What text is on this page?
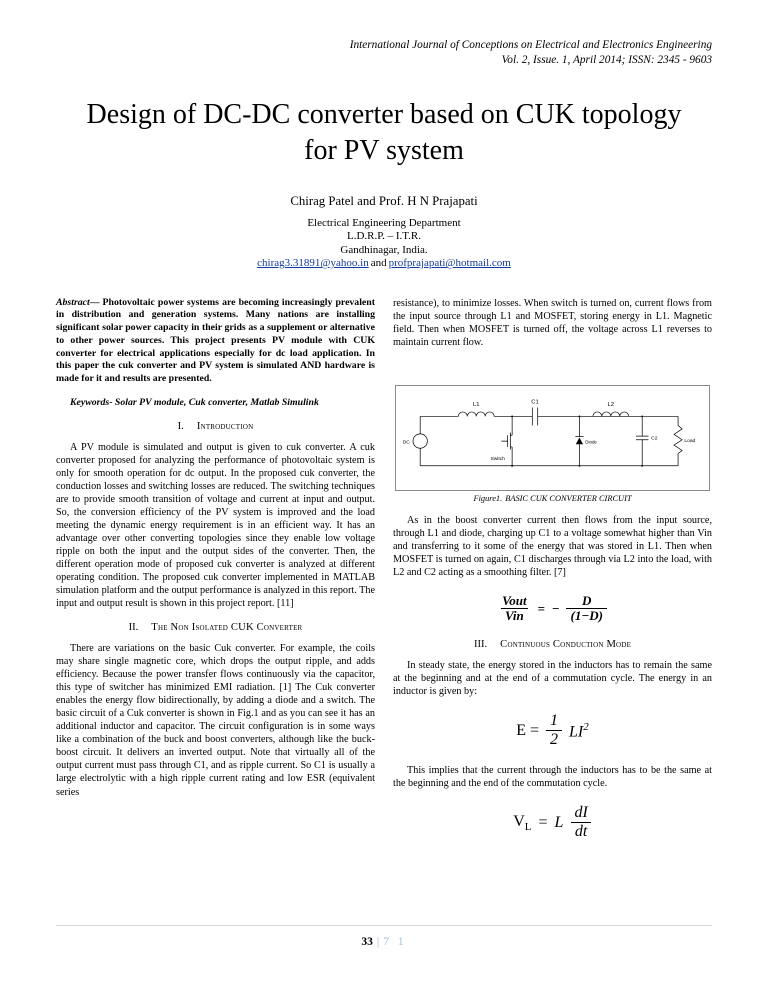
International Journal of Conceptions on Electrical and Electronics Engineering
Vol. 2, Issue. 1, April 2014; ISSN: 2345 - 9603
Design of DC-DC converter based on CUK topology
for PV system
Chirag Patel and Prof. H N Prajapati
Electrical Engineering Department
L.D.R.P. – I.T.R.
Gandhinagar, India.
chirag3.31891@yahoo.in and profprajapati@hotmail.com

Abstract— Photovoltaic power systems are becoming increasingly prevalent in distribution and generation systems. Many nations are installing significant solar power capacity in their grids as a supplement or alternative to other power sources. This project presents PV module with CUK converter for electrical applications especially for dc load application. In this paper the cuk converter and PV system is simulated AND hardware is made for it and results are presented.

Keywords- Solar PV module, Cuk converter, Matlab Simulink

I. Introduction

A PV module is simulated and output is given to cuk converter. A cuk converter proposed for analyzing the performance of photovoltaic system is only for smooth operation for dc output. In the proposed cuk converter, the conduction losses and switching losses are reduced. The switching techniques are to provide smooth transition of voltage and current at input and output. So, the conversion efficiency of the PV system is improved and the load meeting the dynamic energy requirement is in an efficient way. It has an advantage over other converting topologies since they enable low voltage ripple on both the input and the output sides of the converter. Then, the different operation mode of proposed cuk converter is analyzed at different operating condition. The proposed cuk converter implemented in MATLAB simulation platform and the output performance is analyzed in this report. The input and output result is shown in this project report. [11]

II. The Non Isolated CUK Converter

There are variations on the basic Cuk converter. For example, the coils may share single magnetic core, which drops the output ripple, and adds efficiency. Because the power transfer flows continuously via the capacitor, this type of switcher has minimized EMI radiation. [1] The Cuk converter enables the energy flow bidirectionally, by adding a diode and a switch. The basic circuit of a Cuk converter is shown in Fig.1 and as you can see it has an additional inductor and capacitor. The circuit configuration is in some ways like a combination of the buck and boost converters, although like the buck-boost circuit. It delivers an inverted output. Note that virtually all of the output current must pass through C1, and as ripple current. So C1 is usually a large electrolytic with a high ripple current rating and low ESR (equivalent series

resistance), to minimize losses. When switch is turned on, current flows from the input source through L1 and MOSFET, storing energy in L1. Magnetic field. Then when MOSFET is turned off, the voltage across L1 reverses to maintain current flow.

L1	C1	L2
DC
Switch
Diode
C2 Load
Figure1. BASIC CUK CONVERTER CIRCUIT

As in the boost converter current then flows from the input source, through L1 and diode, charging up C1 to a voltage somewhat higher than Vin and transferring to it some of the energy that was stored in L1. Then when MOSFET is turned on again, C1 discharges through via L2 into the load, with L2 and C2 acting as a smoothing filter. [7]

$\frac{\text{Vout}}{\text{Vin}}$ = − $\frac{D}{(1-D)}$
III. Continuous Conduction Mode

In steady state, the energy stored in the inductors has to remain the same at the beginning and at the end of a commutation cycle. The energy in an inductor is given by:

$E = \frac{1}{2} LI^2$

This implies that the current through the inductors has to be the same at the beginning and the end of the commutation cycle.

$V_L = L \frac{dI}{dt}$
33 | 7 1
